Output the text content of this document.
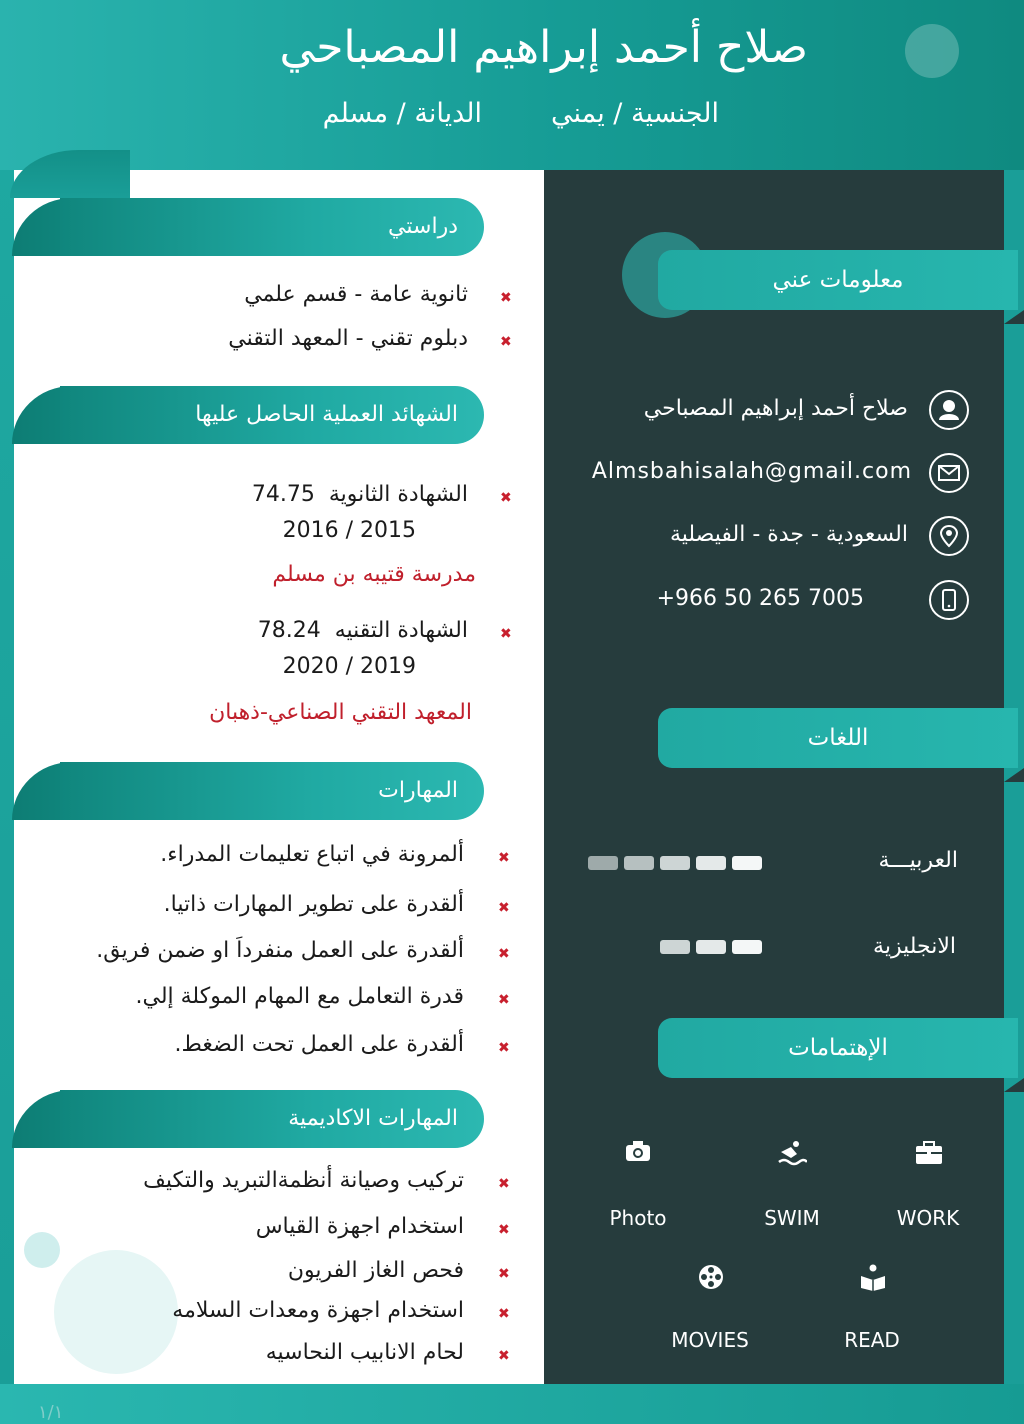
صلاح أحمد إبراهيم المصباحي
الجنسية / يمني
الديانة / مسلم
دراستي
ثانوية عامة - قسم علمي ✖
دبلوم تقني - المعهد التقني ✖
الشهائد العملية الحاصل عليها
الشهادة الثانوية  74.75	✖
2015 / 2016
مدرسة قتيبه بن مسلم
الشهادة التقنيه  78.24	✖
2019 / 2020
المعهد التقني الصناعي-ذهبان
المهارات
ألمرونة في اتباع تعليمات المدراء. ✖
ألقدرة على تطوير المهارات ذاتيا. ✖
ألقدرة على العمل منفرداَ او ضمن فريق. ✖
قدرة التعامل مع المهام الموكلة إلي. ✖
ألقدرة على العمل تحت الضغط. ✖
المهارات الاكاديمية
تركيب وصيانة أنظمةالتبريد والتكيف ✖
استخدام اجهزة القياس ✖
فحص الغاز الفريون ✖
استخدام اجهزة ومعدات السلامه ✖
لحام الانابيب النحاسيه ✖
معلومات عني
صلاح أحمد إبراهيم المصباحي
Almsbahisalah@gmail.com
السعودية - جدة - الفيصلية
+966 50 265 7005
اللغات
العربيـــة
الانجليزية
الإهتمامات
Photo	SWIM	WORK
MOVIES	READ
١/١
